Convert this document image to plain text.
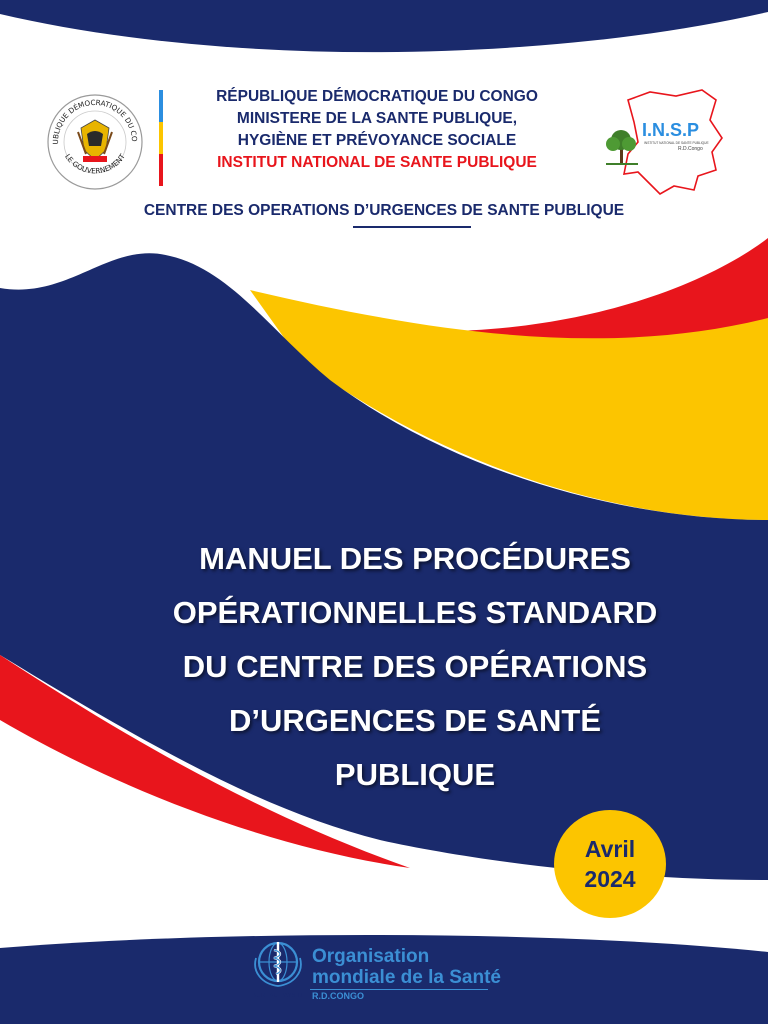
UBLIQUE DÉMOCRATIQUE DU CO
LE GOUVERNEMENT
RÉPUBLIQUE DÉMOCRATIQUE DU CONGO
MINISTERE DE LA SANTE PUBLIQUE,
HYGIÈNE ET PRÉVOYANCE SOCIALE
INSTITUT NATIONAL DE SANTE PUBLIQUE
I.N.S.P
INSTITUT NATIONAL DE SANTE PUBLIQUE
R.D.Congo
CENTRE DES OPERATIONS D’URGENCES DE SANTE PUBLIQUE
MANUEL DES PROCÉDURES
OPÉRATIONNELLES STANDARD
DU CENTRE DES OPÉRATIONS
D’URGENCES DE SANTÉ
PUBLIQUE
Avril
2024
Organisation
mondiale de la Santé
BUREAU PAYS DE LA
R.D.CONGO
